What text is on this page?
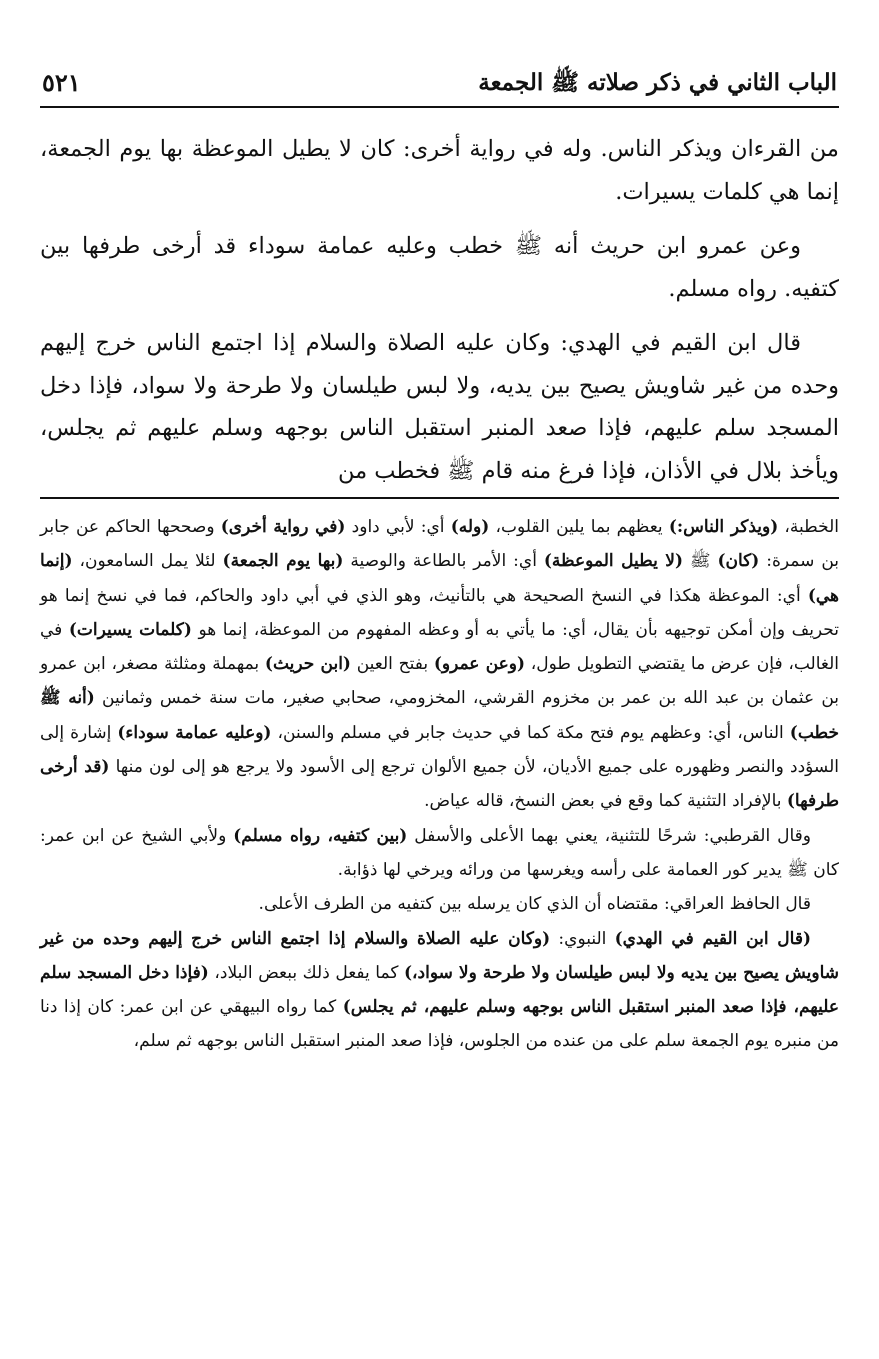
الباب الثاني في ذكر صلاته ﷺ الجمعة
٥٢١

من القرءان ويذكر الناس. وله في رواية أخرى: كان لا يطيل الموعظة بها يوم الجمعة، إنما هي كلمات يسيرات.

وعن عمرو ابن حريث أنه ﷺ خطب وعليه عمامة سوداء قد أرخى طرفها بين كتفيه. رواه مسلم.

قال ابن القيم في الهدي: وكان عليه الصلاة والسلام إذا اجتمع الناس خرج إليهم وحده من غير شاويش يصيح بين يديه، ولا لبس طيلسان ولا طرحة ولا سواد، فإذا دخل المسجد سلم عليهم، فإذا صعد المنبر استقبل الناس بوجهه وسلم عليهم ثم يجلس، ويأخذ بلال في الأذان، فإذا فرغ منه قام ﷺ فخطب من

الخطبة، (ويذكر الناس:) يعظهم بما يلين القلوب، (وله) أي: لأبي داود (في رواية أخرى) وصححها الحاكم عن جابر بن سمرة: (كان) ﷺ (لا يطيل الموعظة) أي: الأمر بالطاعة والوصية (بها يوم الجمعة) لئلا يمل السامعون، (إنما هي) أي: الموعظة هكذا في النسخ الصحيحة هي بالتأنيث، وهو الذي في أبي داود والحاكم، فما في نسخ إنما هو تحريف وإن أمكن توجيهه بأن يقال، أي: ما يأتي به أو وعظه المفهوم من الموعظة، إنما هو (كلمات يسيرات) في الغالب، فإن عرض ما يقتضي التطويل طول، (وعن عمرو) بفتح العين (ابن حريث) بمهملة ومثلثة مصغر، ابن عمرو بن عثمان بن عبد الله بن عمر بن مخزوم القرشي، المخزومي، صحابي صغير، مات سنة خمس وثمانين (أنه ﷺ خطب) الناس، أي: وعظهم يوم فتح مكة كما في حديث جابر في مسلم والسنن، (وعليه عمامة سوداء) إشارة إلى السؤدد والنصر وظهوره على جميع الأديان، لأن جميع الألوان ترجع إلى الأسود ولا يرجع هو إلى لون منها (قد أرخى طرفها) بالإفراد التثنية كما وقع في بعض النسخ، قاله عياض.

وقال القرطبي: شرحًا للتثنية، يعني بهما الأعلى والأسفل (بين كتفيه، رواه مسلم) ولأبي الشيخ عن ابن عمر: كان ﷺ يدير كور العمامة على رأسه ويغرسها من ورائه ويرخي لها ذؤابة.

قال الحافظ العراقي: مقتضاه أن الذي كان يرسله بين كتفيه من الطرف الأعلى.

(قال ابن القيم في الهدي) النبوي: (وكان عليه الصلاة والسلام إذا اجتمع الناس خرج إليهم وحده من غير شاويش يصيح بين يديه ولا لبس طيلسان ولا طرحة ولا سواد،) كما يفعل ذلك ببعض البلاد، (فإذا دخل المسجد سلم عليهم، فإذا صعد المنبر استقبل الناس بوجهه وسلم عليهم، ثم يجلس) كما رواه البيهقي عن ابن عمر: كان إذا دنا من منبره يوم الجمعة سلم على من عنده من الجلوس، فإذا صعد المنبر استقبل الناس بوجهه ثم سلم،
